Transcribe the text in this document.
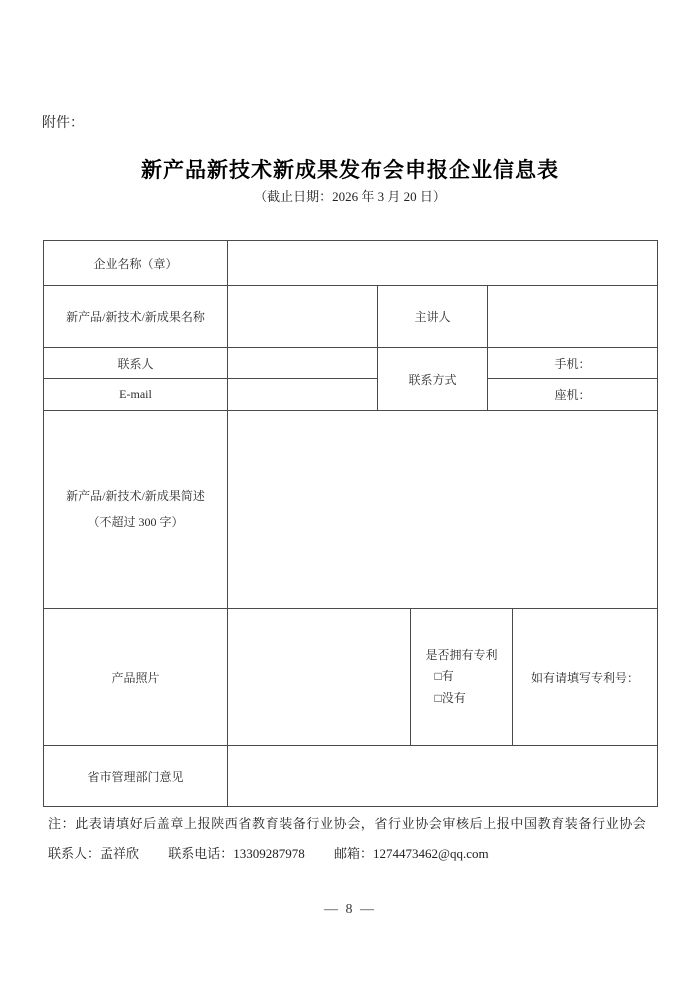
附件：
新产品新技术新成果发布会申报企业信息表
（截止日期：2026 年 3 月 20 日）
企业名称（章）					
新产品/新技术/新成果名称		主讲人			
联系人		联系方式		手机：	
E-mail				座机：	

新产品/新技术/新成果简述
（不超过 300 字）					

产品照片			是否拥有专利
□有
□没有		如有请填写专利号：
省市管理部门意见					
注：此表请填好后盖章上报陕西省教育装备行业协会，省行业协会审核后上报中国教育装备行业协会
联系人：孟祥欣 联系电话：13309287978 邮箱：1274473462@qq.com
— 8 —
